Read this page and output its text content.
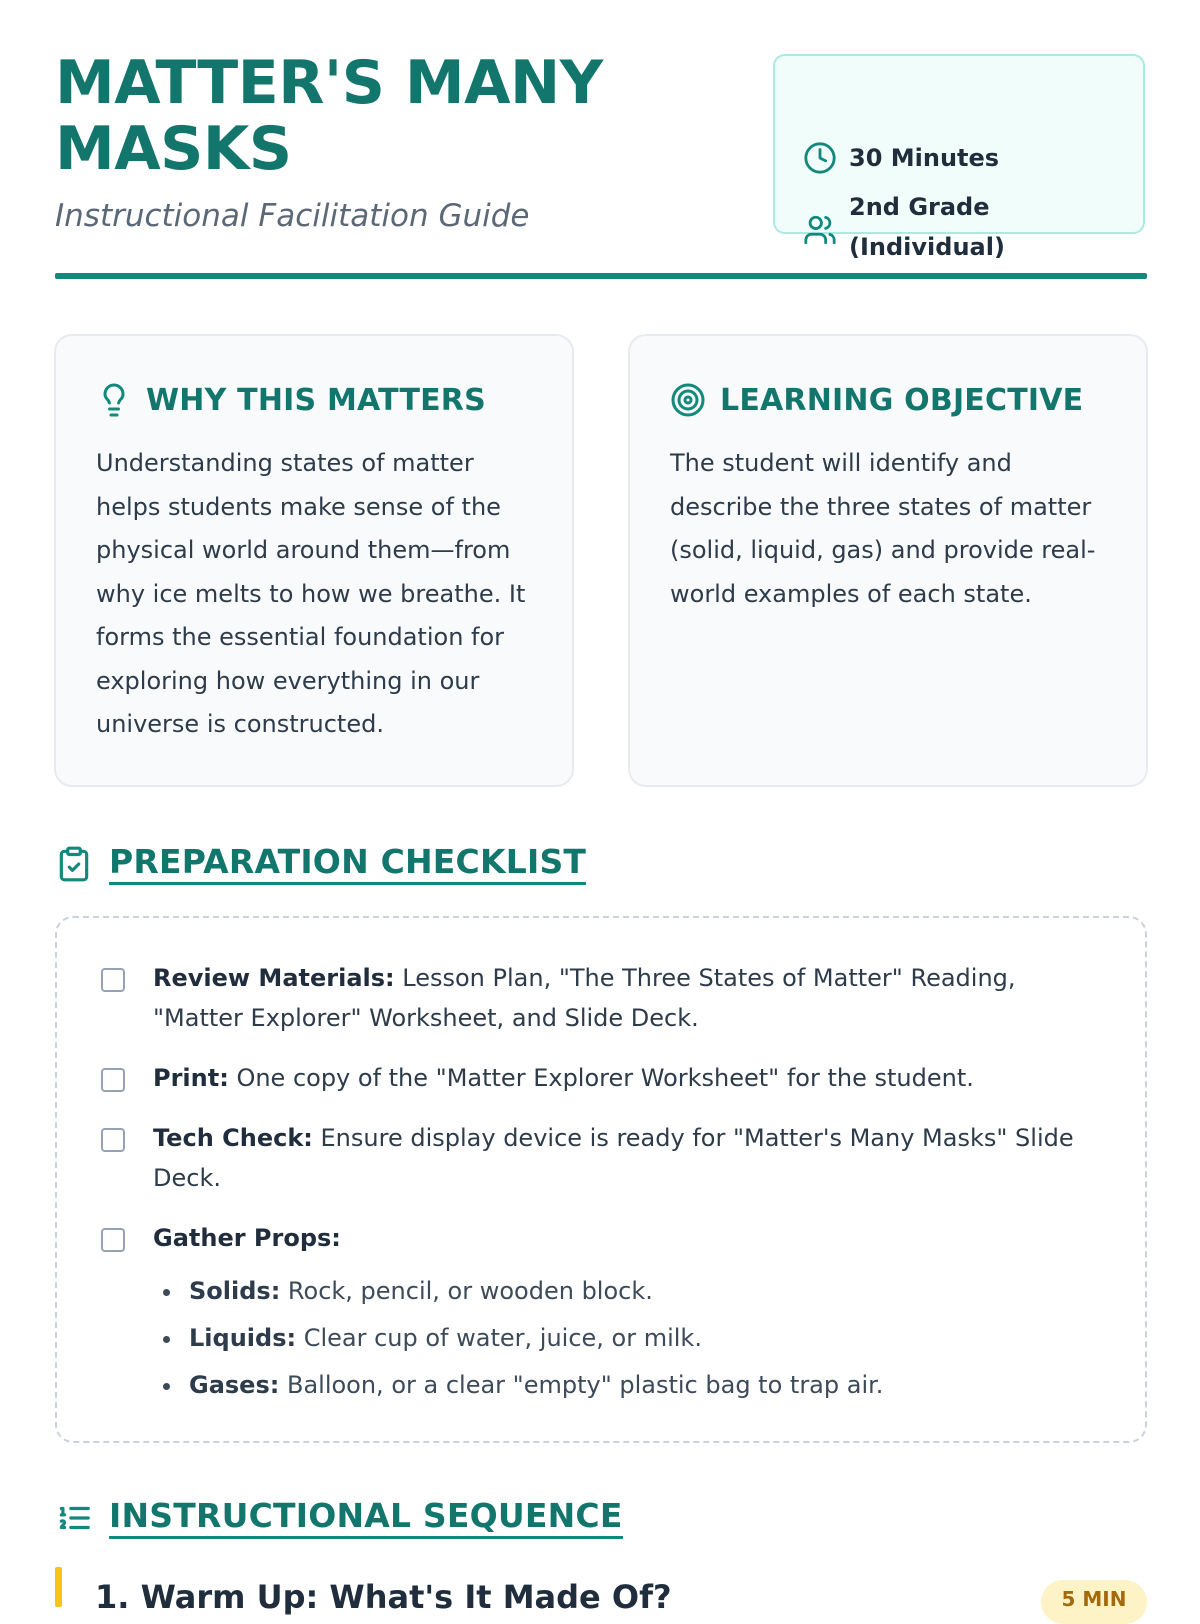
MATTER'S MANY MASKS

Instructional Facilitation Guide

30 Minutes
2nd Grade (Individual)
WHY THIS MATTERS

Understanding states of matter helps students make sense of the physical world around them—from why ice melts to how we breathe. It forms the essential foundation for exploring how everything in our universe is constructed.

LEARNING OBJECTIVE

The student will identify and describe the three states of matter (solid, liquid, gas) and provide real-world examples of each state.

PREPARATION CHECKLIST
Review Materials: Lesson Plan, "The Three States of Matter" Reading, "Matter Explorer" Worksheet, and Slide Deck.
Print: One copy of the "Matter Explorer Worksheet" for the student.
Tech Check: Ensure display device is ready for "Matter's Many Masks" Slide Deck.
Gather Props:
Solids: Rock, pencil, or wooden block.
Liquids: Clear cup of water, juice, or milk.
Gases: Balloon, or a clear "empty" plastic bag to trap air.
INSTRUCTIONAL SEQUENCE

1. Warm Up: What's It Made Of?	5 MIN
